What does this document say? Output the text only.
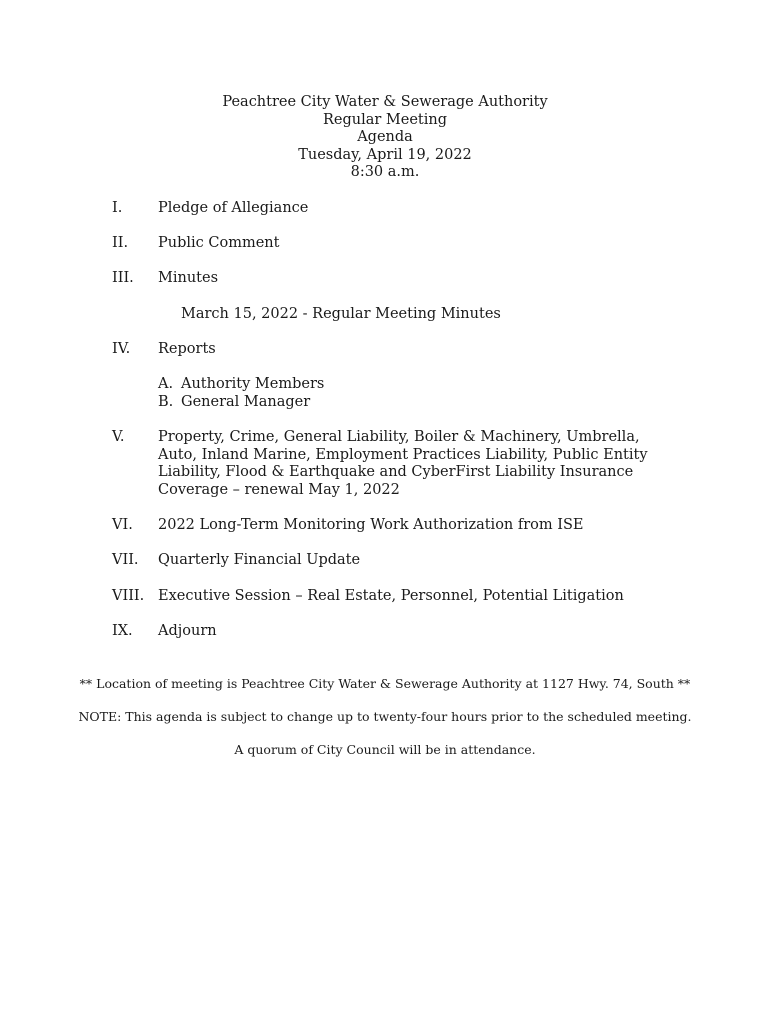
Peachtree City Water & Sewerage Authority
Regular Meeting
Agenda
Tuesday, April 19, 2022
8:30 a.m.
I. Pledge of Allegiance
II. Public Comment
III. Minutes
March 15, 2022 - Regular Meeting Minutes
IV. Reports
A. Authority Members
B. General Manager
V. Property, Crime, General Liability, Boiler & Machinery, Umbrella, Auto, Inland Marine, Employment Practices Liability, Public Entity Liability, Flood & Earthquake and CyberFirst Liability Insurance Coverage – renewal May 1, 2022
VI. 2022 Long-Term Monitoring Work Authorization from ISE
VII. Quarterly Financial Update
VIII. Executive Session – Real Estate, Personnel, Potential Litigation
IX. Adjourn
** Location of meeting is Peachtree City Water & Sewerage Authority at 1127 Hwy. 74, South **
NOTE: This agenda is subject to change up to twenty-four hours prior to the scheduled meeting.
A quorum of City Council will be in attendance.
